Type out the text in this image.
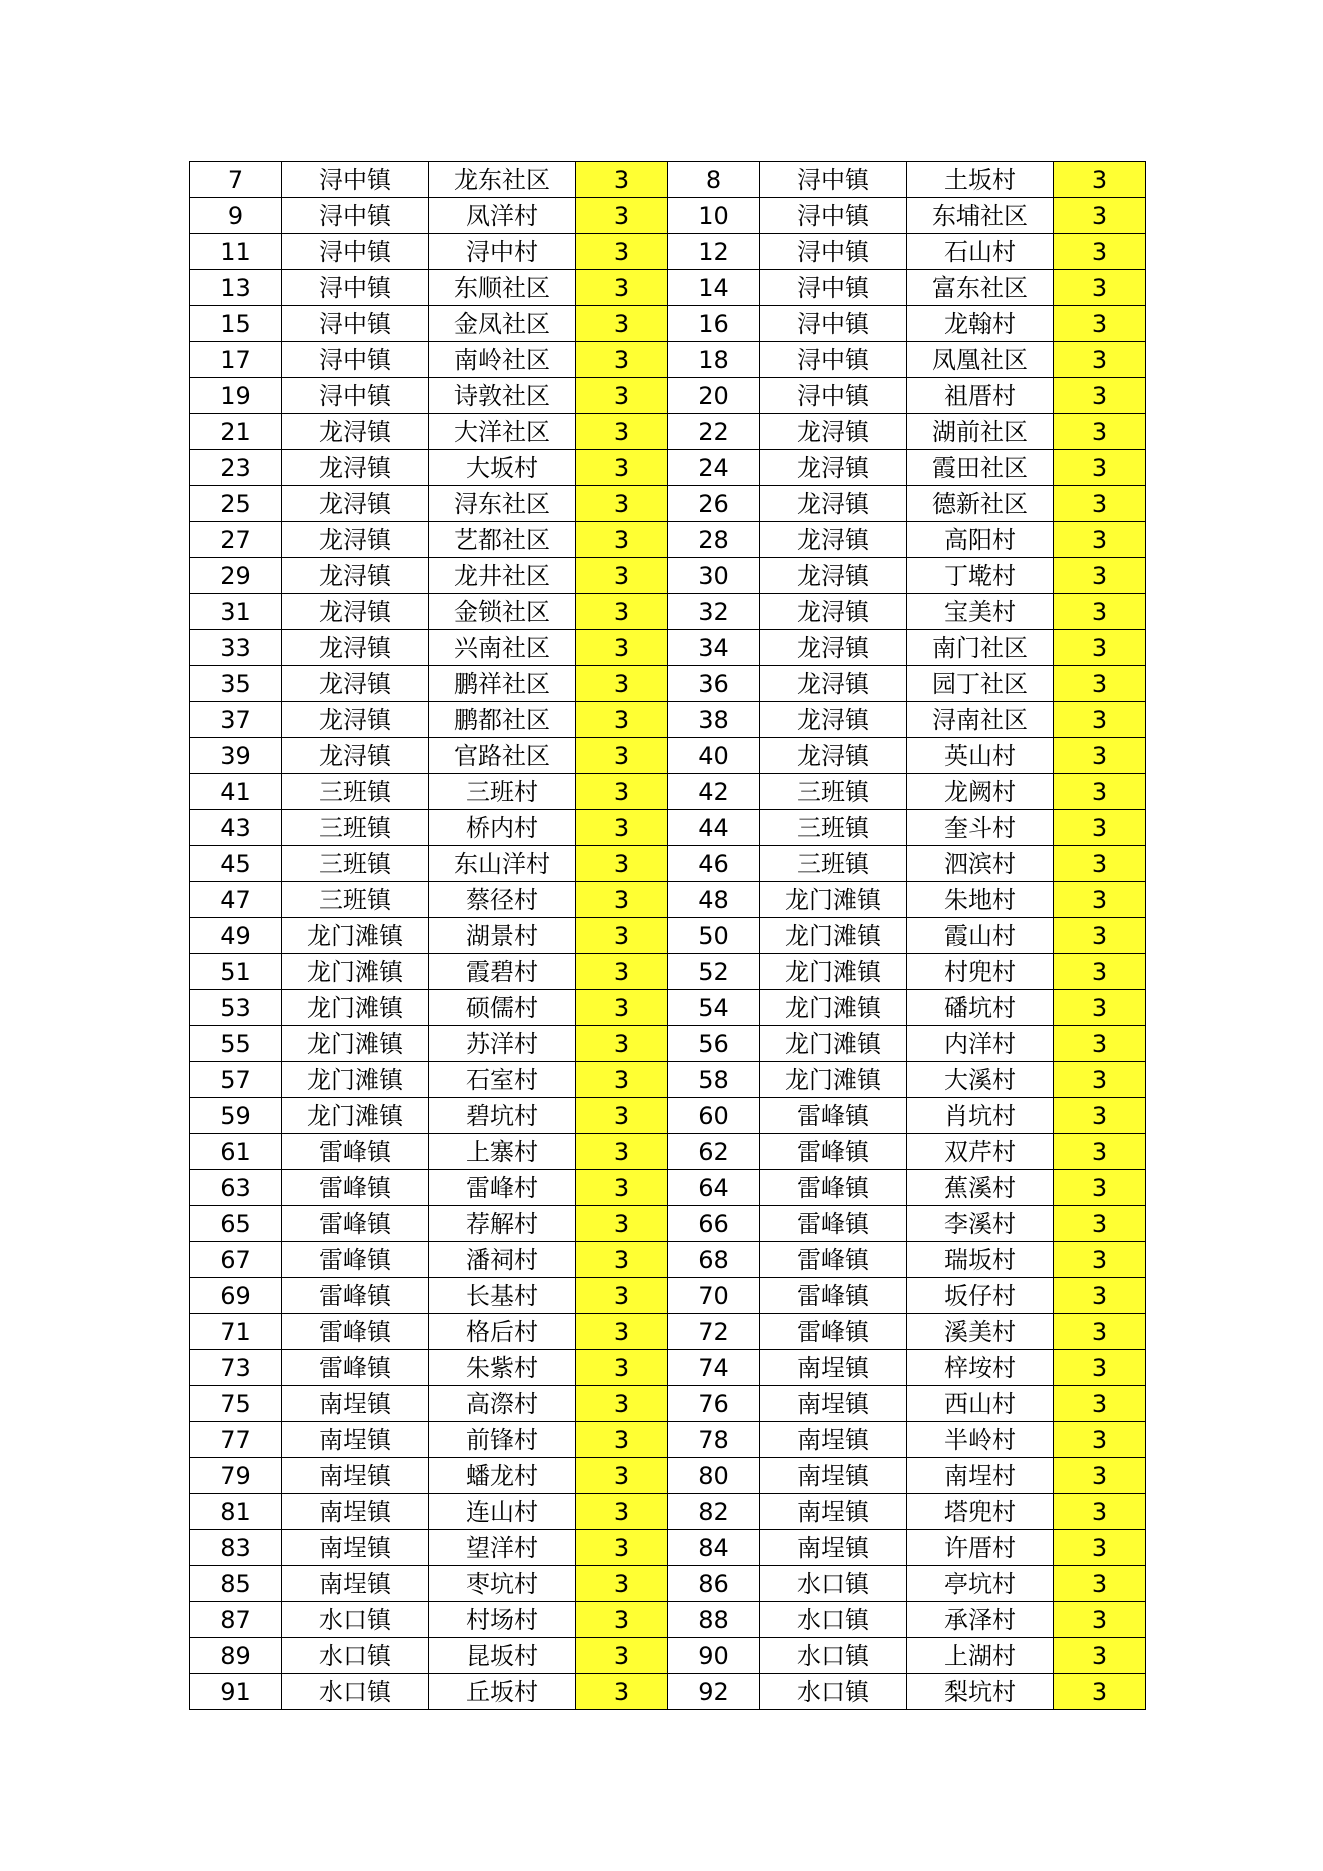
7	浔中镇	龙东社区	3	8	浔中镇	土坂村	3
9	浔中镇	凤洋村	3	10	浔中镇	东埔社区	3
11	浔中镇	浔中村	3	12	浔中镇	石山村	3
13	浔中镇	东顺社区	3	14	浔中镇	富东社区	3
15	浔中镇	金凤社区	3	16	浔中镇	龙翰村	3
17	浔中镇	南岭社区	3	18	浔中镇	凤凰社区	3
19	浔中镇	诗敦社区	3	20	浔中镇	祖厝村	3
21	龙浔镇	大洋社区	3	22	龙浔镇	湖前社区	3
23	龙浔镇	大坂村	3	24	龙浔镇	霞田社区	3
25	龙浔镇	浔东社区	3	26	龙浔镇	德新社区	3
27	龙浔镇	艺都社区	3	28	龙浔镇	高阳村	3
29	龙浔镇	龙井社区	3	30	龙浔镇	丁墘村	3
31	龙浔镇	金锁社区	3	32	龙浔镇	宝美村	3
33	龙浔镇	兴南社区	3	34	龙浔镇	南门社区	3
35	龙浔镇	鹏祥社区	3	36	龙浔镇	园丁社区	3
37	龙浔镇	鹏都社区	3	38	龙浔镇	浔南社区	3
39	龙浔镇	官路社区	3	40	龙浔镇	英山村	3
41	三班镇	三班村	3	42	三班镇	龙阙村	3
43	三班镇	桥内村	3	44	三班镇	奎斗村	3
45	三班镇	东山洋村	3	46	三班镇	泗滨村	3
47	三班镇	蔡径村	3	48	龙门滩镇	朱地村	3
49	龙门滩镇	湖景村	3	50	龙门滩镇	霞山村	3
51	龙门滩镇	霞碧村	3	52	龙门滩镇	村兜村	3
53	龙门滩镇	硕儒村	3	54	龙门滩镇	磻坑村	3
55	龙门滩镇	苏洋村	3	56	龙门滩镇	内洋村	3
57	龙门滩镇	石室村	3	58	龙门滩镇	大溪村	3
59	龙门滩镇	碧坑村	3	60	雷峰镇	肖坑村	3
61	雷峰镇	上寨村	3	62	雷峰镇	双芹村	3
63	雷峰镇	雷峰村	3	64	雷峰镇	蕉溪村	3
65	雷峰镇	荐解村	3	66	雷峰镇	李溪村	3
67	雷峰镇	潘祠村	3	68	雷峰镇	瑞坂村	3
69	雷峰镇	长基村	3	70	雷峰镇	坂仔村	3
71	雷峰镇	格后村	3	72	雷峰镇	溪美村	3
73	雷峰镇	朱紫村	3	74	南埕镇	梓垵村	3
75	南埕镇	高漈村	3	76	南埕镇	西山村	3
77	南埕镇	前锋村	3	78	南埕镇	半岭村	3
79	南埕镇	蟠龙村	3	80	南埕镇	南埕村	3
81	南埕镇	连山村	3	82	南埕镇	塔兜村	3
83	南埕镇	望洋村	3	84	南埕镇	许厝村	3
85	南埕镇	枣坑村	3	86	水口镇	亭坑村	3
87	水口镇	村场村	3	88	水口镇	承泽村	3
89	水口镇	昆坂村	3	90	水口镇	上湖村	3
91	水口镇	丘坂村	3	92	水口镇	梨坑村	3
